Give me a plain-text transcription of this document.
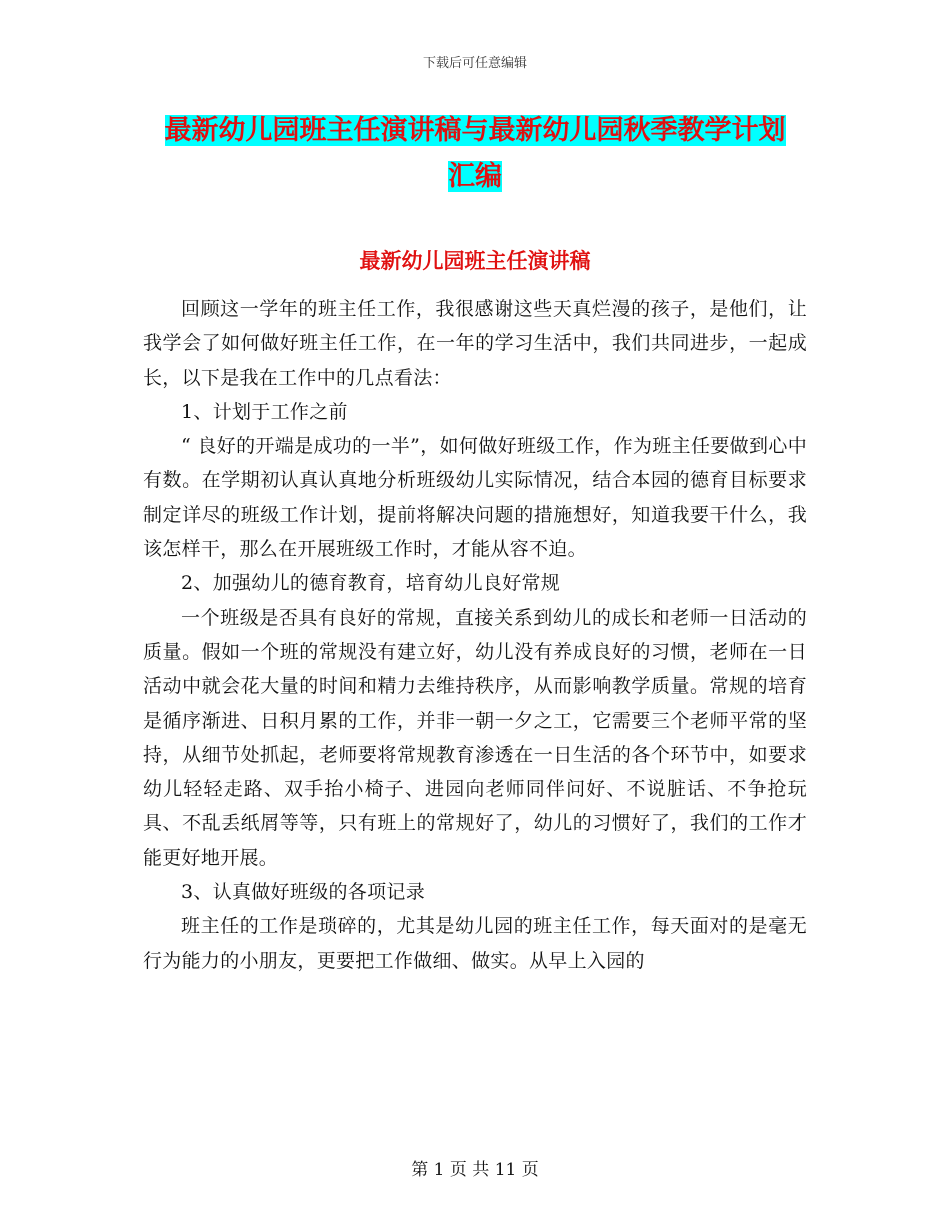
下载后可任意编辑
最新幼儿园班主任演讲稿与最新幼儿园秋季教学计划
汇编
最新幼儿园班主任演讲稿

回顾这一学年的班主任工作，我很感谢这些天真烂漫的孩子，是他们，让我学会了如何做好班主任工作，在一年的学习生活中，我们共同进步，一起成长，以下是我在工作中的几点看法：

1、计划于工作之前

“ 良好的开端是成功的一半”，如何做好班级工作，作为班主任要做到心中有数。在学期初认真认真地分析班级幼儿实际情况，结合本园的德育目标要求制定详尽的班级工作计划，提前将解决问题的措施想好，知道我要干什么，我该怎样干，那么在开展班级工作时，才能从容不迫。

2、加强幼儿的德育教育，培育幼儿良好常规

一个班级是否具有良好的常规，直接关系到幼儿的成长和老师一日活动的质量。假如一个班的常规没有建立好，幼儿没有养成良好的习惯，老师在一日活动中就会花大量的时间和精力去维持秩序，从而影响教学质量。常规的培育是循序渐进、日积月累的工作，并非一朝一夕之工，它需要三个老师平常的坚持，从细节处抓起，老师要将常规教育渗透在一日生活的各个环节中，如要求幼儿轻轻走路、双手抬小椅子、进园向老师同伴问好、不说脏话、不争抢玩具、不乱丢纸屑等等，只有班上的常规好了，幼儿的习惯好了，我们的工作才能更好地开展。

3、认真做好班级的各项记录

班主任的工作是琐碎的，尤其是幼儿园的班主任工作，每天面对的是毫无行为能力的小朋友，更要把工作做细、做实。从早上入园的

第 1 页 共 11 页
